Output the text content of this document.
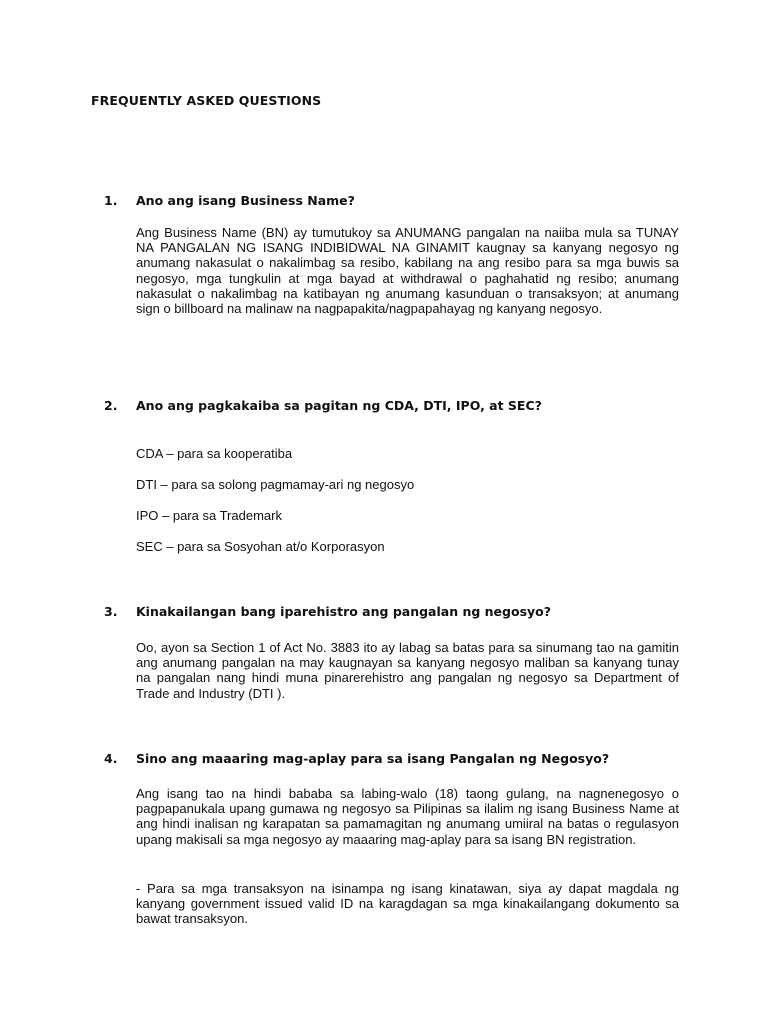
FREQUENTLY ASKED QUESTIONS
1. Ano ang isang Business Name?
Ang Business Name (BN) ay tumutukoy sa ANUMANG pangalan na naiiba mula sa TUNAY NA PANGALAN NG ISANG INDIBIDWAL NA GINAMIT kaugnay sa kanyang negosyo ng anumang nakasulat o nakalimbag sa resibo, kabilang na ang resibo para sa mga buwis sa negosyo, mga tungkulin at mga bayad at withdrawal o paghahatid ng resibo; anumang nakasulat o nakalimbag na katibayan ng anumang kasunduan o transaksyon; at anumang sign o billboard na malinaw na nagpapakita/nagpapahayag ng kanyang negosyo.
2. Ano ang pagkakaiba sa pagitan ng CDA, DTI, IPO, at SEC?
CDA – para sa kooperatiba
DTI – para sa solong pagmamay-ari ng negosyo
IPO – para sa Trademark
SEC – para sa Sosyohan at/o Korporasyon
3. Kinakailangan bang iparehistro ang pangalan ng negosyo?
Oo, ayon sa Section 1 of Act No. 3883 ito ay labag sa batas para sa sinumang tao na gamitin ang anumang pangalan na may kaugnayan sa kanyang negosyo maliban sa kanyang tunay na pangalan nang hindi muna pinarerehistro ang pangalan ng negosyo sa Department of Trade and Industry (DTI ).
4. Sino ang maaaring mag-aplay para sa isang Pangalan ng Negosyo?
Ang isang tao na hindi bababa sa labing-walo (18) taong gulang, na nagnenegosyo o pagpapanukala upang gumawa ng negosyo sa Pilipinas sa ilalim ng isang Business Name at ang hindi inalisan ng karapatan sa pamamagitan ng anumang umiiral na batas o regulasyon upang makisali sa mga negosyo ay maaaring mag-aplay para sa isang BN registration.
- Para sa mga transaksyon na isinampa ng isang kinatawan, siya ay dapat magdala ng kanyang government issued valid ID na karagdagan sa mga kinakailangang dokumento sa bawat transaksyon.
